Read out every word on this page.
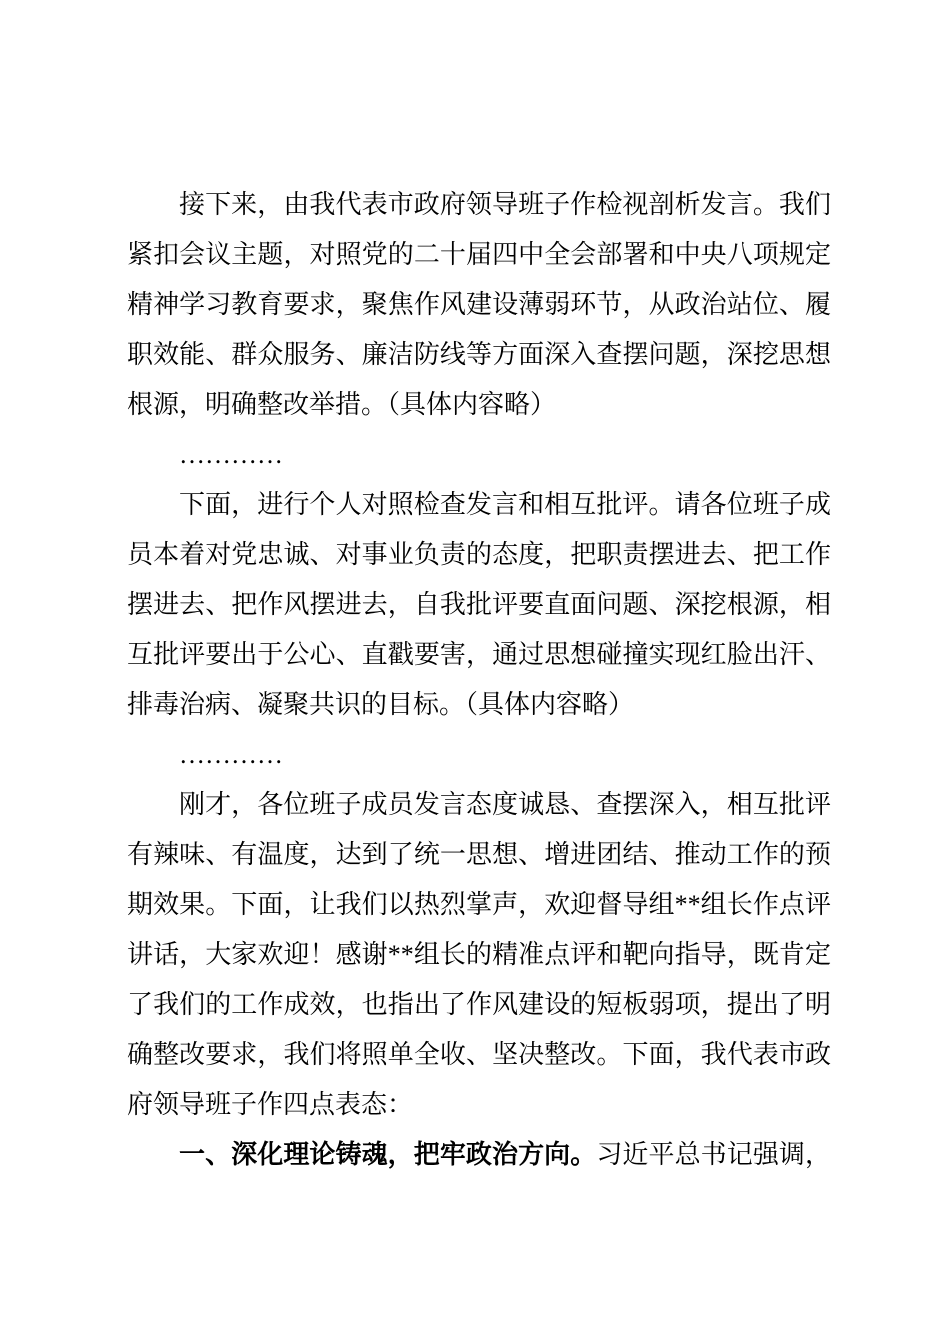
接下来，由我代表市政府领导班子作检视剖析发言。我们
紧扣会议主题，对照党的二十届四中全会部署和中央八项规定
精神学习教育要求，聚焦作风建设薄弱环节，从政治站位、履
职效能、群众服务、廉洁防线等方面深入查摆问题，深挖思想
根源，明确整改举措。（具体内容略）
…………
下面，进行个人对照检查发言和相互批评。请各位班子成
员本着对党忠诚、对事业负责的态度，把职责摆进去、把工作
摆进去、把作风摆进去，自我批评要直面问题、深挖根源，相
互批评要出于公心、直戳要害，通过思想碰撞实现红脸出汗、
排毒治病、凝聚共识的目标。（具体内容略）
…………
刚才，各位班子成员发言态度诚恳、查摆深入，相互批评
有辣味、有温度，达到了统一思想、增进团结、推动工作的预
期效果。下面，让我们以热烈掌声，欢迎督导组**组长作点评
讲话，大家欢迎！感谢**组长的精准点评和靶向指导，既肯定
了我们的工作成效，也指出了作风建设的短板弱项，提出了明
确整改要求，我们将照单全收、坚决整改。下面，我代表市政
府领导班子作四点表态：
一、深化理论铸魂，把牢政治方向。习近平总书记强调，
